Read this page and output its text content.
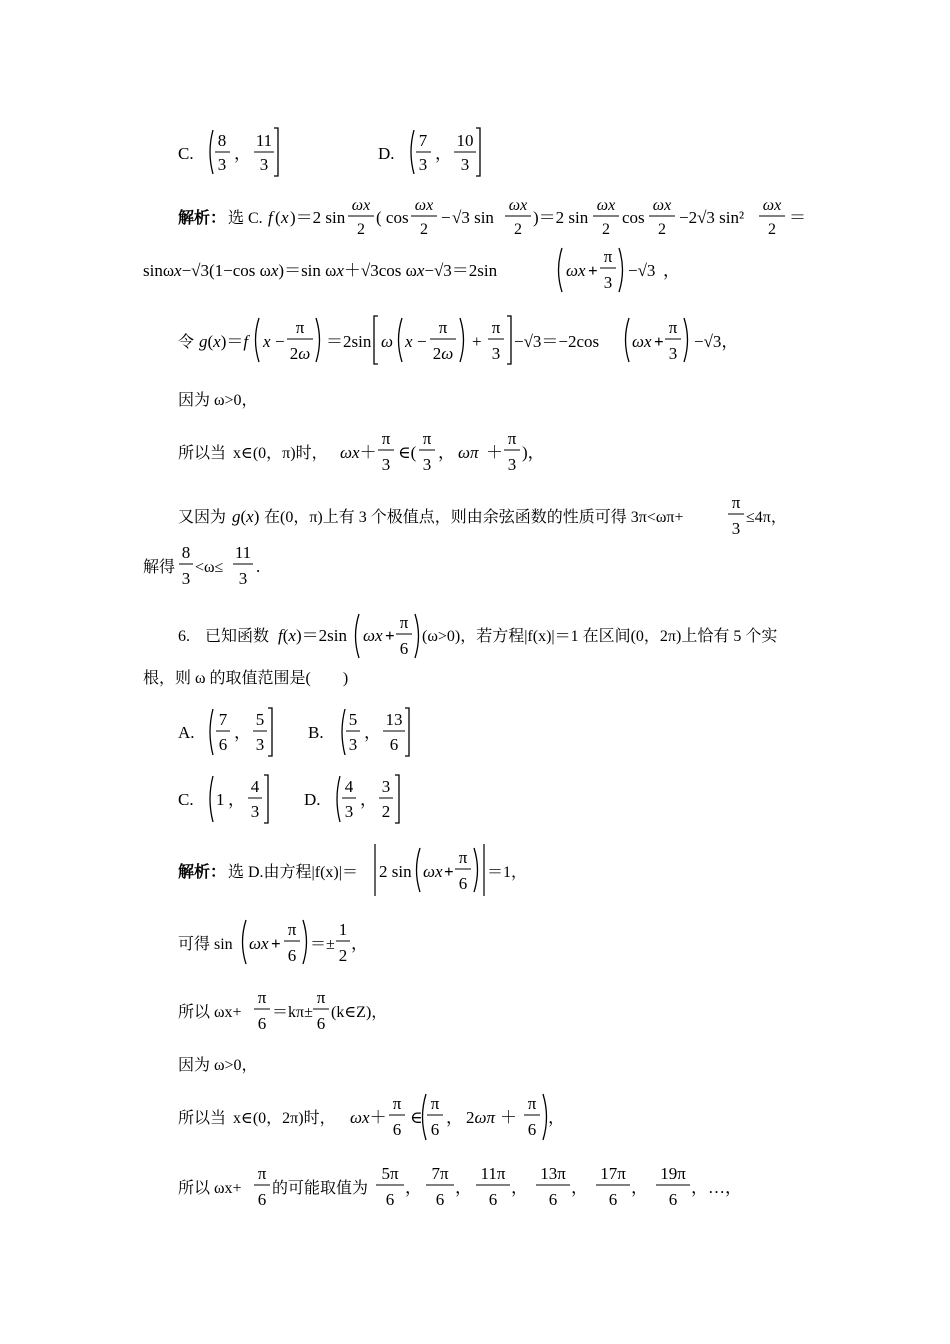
C.
8
3
，
11
3
D.
7
3
，
10
3
解析： 选 C. f ( x )＝2 sin
ωx
2
( cos
ωx
2
− √3 sin
ωx
2
)＝2 sin
ωx
2
cos
ωx
2
−2√3 sin²
ωx
2
＝
sinωx−√3(1−cos ωx)＝sin ωx＋√3cos ωx−√3＝2sin	ωx +
π
3
−√3 ，
令 g(x)＝f x −
π
2ω
＝2sin ω x −
π
2ω
+
π
3
−√3＝−2cos ωx +
π
3
−√3，
因为 ω>0，
所以当 x∈(0，π)时， ωx＋
π
3
∈(
π
3
， ωπ ＋
π
3
)，
又因为 g(x) 在(0，π)上有 3 个极值点，则由余弦函数的性质可得 3π<ωπ+
π
3
≤4π，
解得
8
3
<ω≤
11
3
.
6. 已知函数 f(x)＝2sin ωx +
π
6
(ω>0)，若方程|f(x)|＝1 在区间(0，2π)上恰有 5 个实
根，则 ω 的取值范围是(　　)
A.
7
6
，
5
3
B.
5
3
，
13
6
C. 1 ，
4
3
D.
4
3
，
3
2
解析： 选 D.由方程|f(x)|＝ 2 sin ωx +
π
6
＝1，
可得 sin ωx +
π
6
＝±
1
2
，
所以 ωx+
π
6
＝kπ±
π
6
(k∈Z)，
因为 ω>0，
所以当 x∈(0，2π)时， ωx＋
π
6
∈
π
6
， 2ωπ ＋
π
6
，
所以 ωx+
π
6
的可能取值为
5π
6
，
7π
6
，
11π
6
，
13π
6
，
17π
6
，
19π
6
， …，
